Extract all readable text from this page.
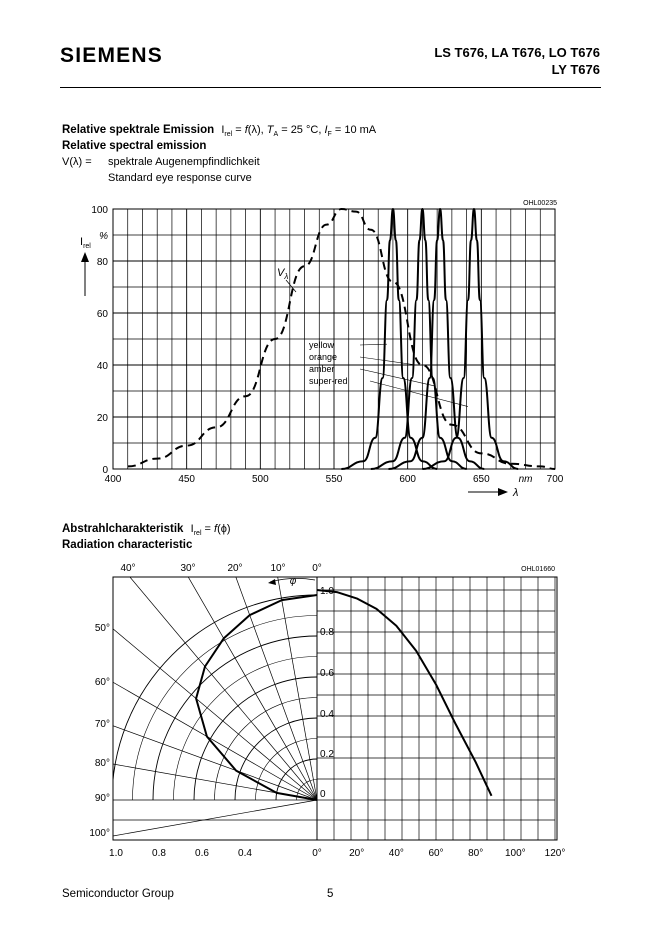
SIEMENS	LS T676, LA T676, LO T676
LY T676
Relative spektrale Emission $I_{rel} = f(\lambda)$, $T_A = 25$ °C, $I_F = 10$ mA
Relative spectral emission
V(λ) = spektrale Augenempfindlichkeit
Standard eye response curve
400	450	500	550	600	650	700
0
20
40
60
80
100
%
nm
OHL00235
$I_{rel}$
λ
$V_\lambda$
yellow
orange
amber
super-red
Abstrahlcharakteristik $I_{rel} = f(\phi)$
Radiation characteristic
40°	30°	20°	10°	0°
50°
60°
70°
80°
90°
100°
1.0
0.8
0.6
0.4
0.2
0
1.0	0.8	0.6	0.4	0°	20° 40° 60° 80° 100° 120°
OHL01660
φ
Semiconductor Group	5
